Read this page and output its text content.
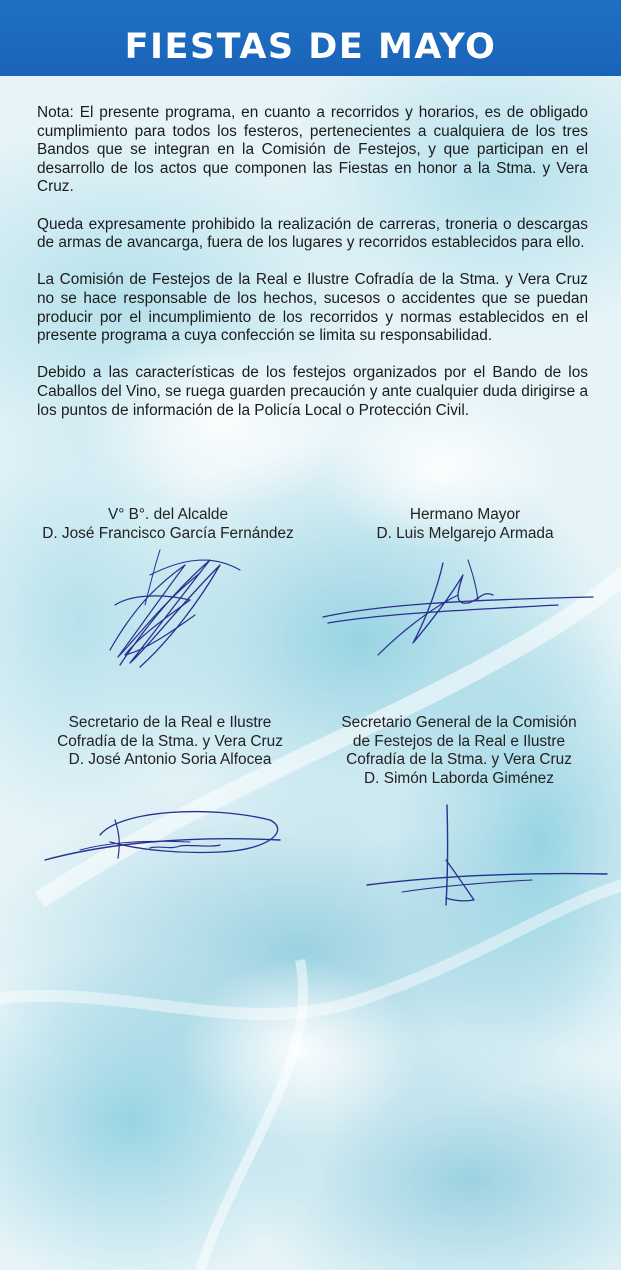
FIESTAS DE MAYO

Nota: El presente programa, en cuanto a recorridos y horarios, es de obligado cumplimiento para todos los festeros, pertenecientes a cualquiera de los tres Bandos que se integran en la Comisión de Festejos, y que participan en el desarrollo de los actos que componen las Fiestas en honor a la Stma. y Vera Cruz.

Queda expresamente prohibido la realización de carreras, troneria o descargas de armas de avancarga, fuera de los lugares y recorridos establecidos para ello.

La Comisión de Festejos de la Real e Ilustre Cofradía de la Stma. y Vera Cruz no se hace responsable de los hechos, sucesos o accidentes que se puedan producir por el incumplimiento de los recorridos y normas establecidos en el presente programa a cuya confección se limita su responsabilidad.

Debido a las características de los festejos organizados por el Bando de los Caballos del Vino, se ruega guarden precaución y ante cualquier duda dirigirse a los puntos de información de la Policía Local o Protección Civil.

V° B°. del Alcalde
D. José Francisco García Fernández
Hermano Mayor
D. Luis Melgarejo Armada
Secretario de la Real e Ilustre
Cofradía de la Stma. y Vera Cruz
D. José Antonio Soria Alfocea
Secretario General de la Comisión
de Festejos de la Real e Ilustre
Cofradía de la Stma. y Vera Cruz
D. Simón Laborda Giménez
